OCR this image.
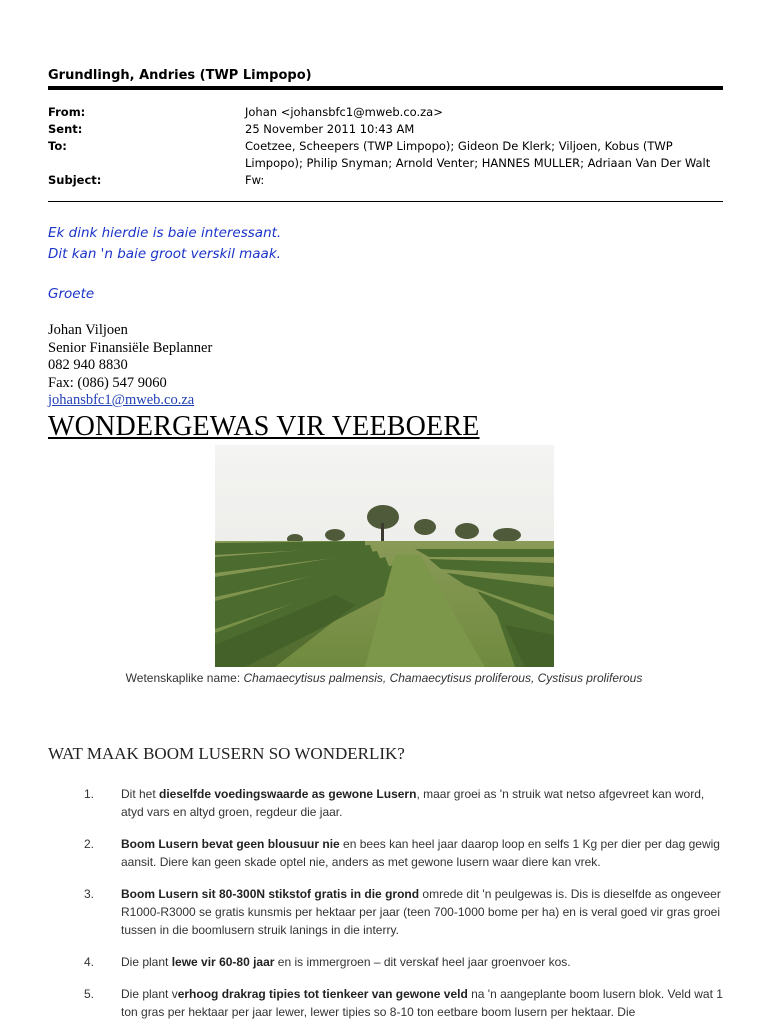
Grundlingh, Andries (TWP Limpopo)
From:	Johan <johansbfc1@mweb.co.za>
Sent:	25 November 2011 10:43 AM
To:	Coetzee, Scheepers (TWP Limpopo); Gideon De Klerk; Viljoen, Kobus (TWP Limpopo); Philip Snyman; Arnold Venter; HANNES MULLER; Adriaan Van Der Walt
Subject:	Fw:
Ek dink hierdie is baie interessant.
Dit kan 'n baie groot verskil maak.
Groete
Johan Viljoen
Senior Finansiële Beplanner
082 940 8830
Fax: (086) 547 9060
johansbfc1@mweb.co.za
WONDERGEWAS VIR VEEBOERE
Wetenskaplike name: Chamaecytisus palmensis, Chamaecytisus proliferous, Cystisus proliferous
WAT MAAK BOOM LUSERN SO WONDERLIK?
1.	Dit het dieselfde voedingswaarde as gewone Lusern, maar groei as 'n struik wat netso afgevreet kan word, atyd vars en altyd groen, regdeur die jaar.
2.	Boom Lusern bevat geen blousuur nie en bees kan heel jaar daarop loop en selfs 1 Kg per dier per dag gewig aansit. Diere kan geen skade optel nie, anders as met gewone lusern waar diere kan vrek.
3.	Boom Lusern sit 80-300N stikstof gratis in die grond omrede dit 'n peulgewas is. Dis is dieselfde as ongeveer R1000-R3000 se gratis kunsmis per hektaar per jaar (teen 700-1000 bome per ha) en is veral goed vir gras groei tussen in die boomlusern struik lanings in die interry.
4.	Die plant lewe vir 60-80 jaar en is immergroen – dit verskaf heel jaar groenvoer kos.
5.	Die plant verhoog drakrag tipies tot tienkeer van gewone veld na 'n aangeplante boom lusern blok. Veld wat 1 ton gras per hektaar per jaar lewer, lewer tipies so 8-10 ton eetbare boom lusern per hektaar. Die
